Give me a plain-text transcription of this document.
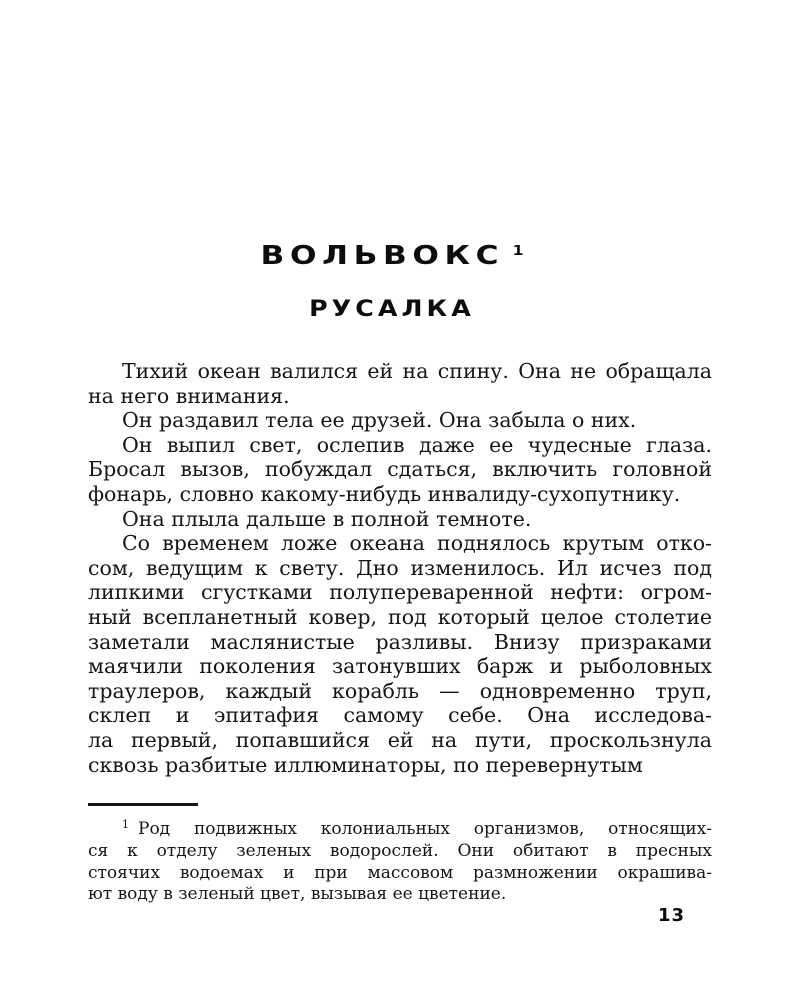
ВОЛЬВОКС $^1$
РУСАЛКА
Тихий океан валился ей на спину. Она не обращала
на него внимания.
Он раздавил тела ее друзей. Она забыла о них.
Он выпил свет, ослепив даже ее чудесные глаза.
Бросал вызов, побуждал сдаться, включить головной
фонарь, словно какому-нибудь инвалиду-сухопутнику.
Она плыла дальше в полной темноте.
Со временем ложе океана поднялось крутым отко-
сом, ведущим к свету. Дно изменилось. Ил исчез под
липкими сгустками полупереваренной нефти: огром-
ный всепланетный ковер, под который целое столетие
заметали маслянистые разливы. Внизу призраками
маячили поколения затонувших барж и рыболовных
траулеров, каждый корабль — одновременно труп,
склеп и эпитафия самому себе. Она исследова-
ла первый, попавшийся ей на пути, проскользнула
сквозь разбитые иллюминаторы, по перевернутым
$^1$ Род подвижных колониальных организмов, относящих-
ся к отделу зеленых водорослей. Они обитают в пресных
стоячих водоемах и при массовом размножении окрашива-
ют воду в зеленый цвет, вызывая ее цветение.
13
